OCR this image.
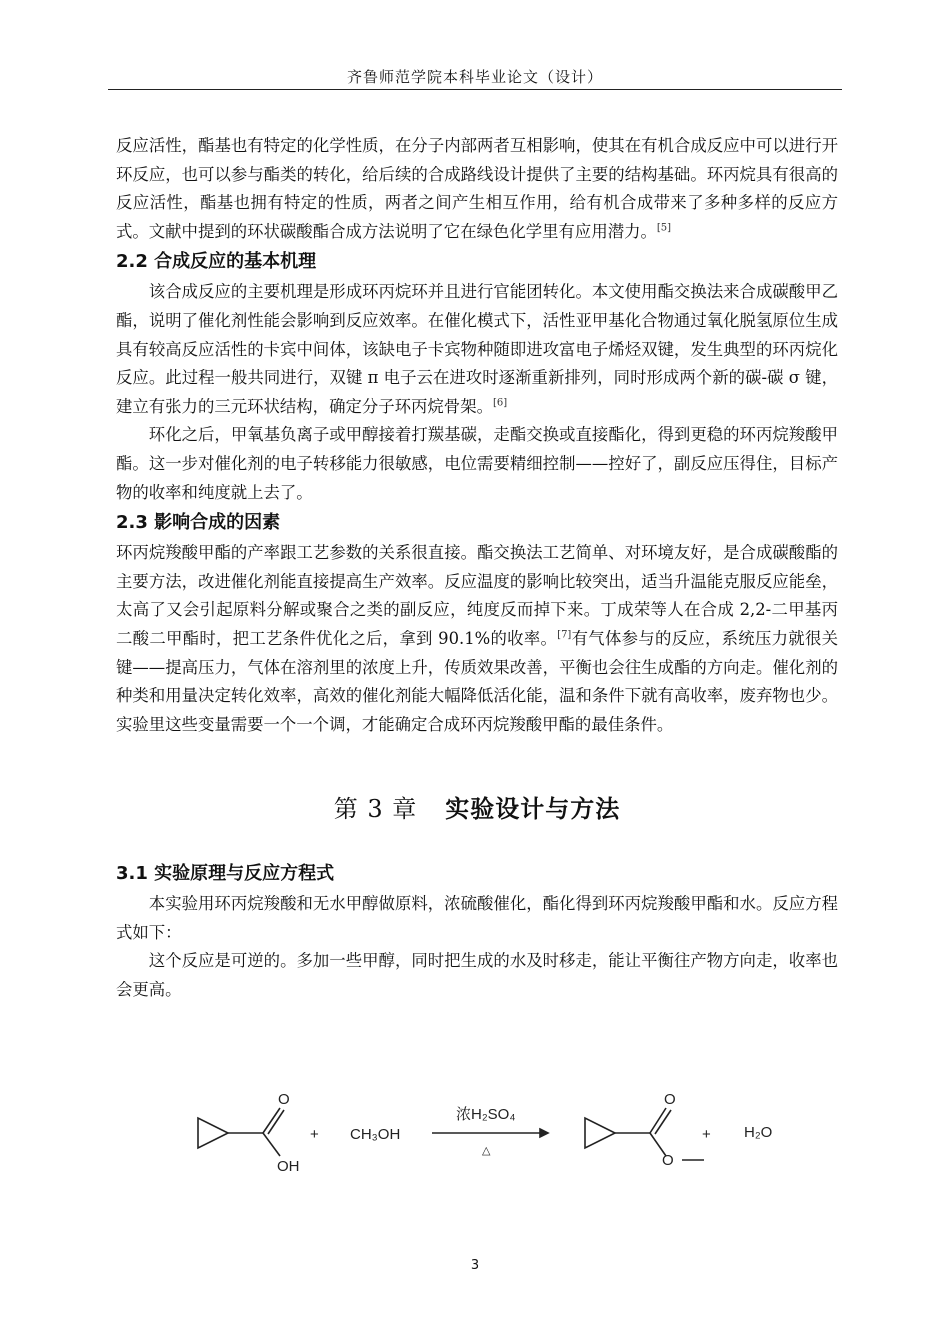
齐鲁师范学院本科毕业论文（设计）

反应活性，酯基也有特定的化学性质，在分子内部两者互相影响，使其在有机合成反应中可以进行开环反应，也可以参与酯类的转化，给后续的合成路线设计提供了主要的结构基础。环丙烷具有很高的反应活性，酯基也拥有特定的性质，两者之间产生相互作用，给有机合成带来了多种多样的反应方式。文献中提到的环状碳酸酯合成方法说明了它在绿色化学里有应用潜力。[5]

2.2 合成反应的基本机理

该合成反应的主要机理是形成环丙烷环并且进行官能团转化。本文使用酯交换法来合成碳酸甲乙酯，说明了催化剂性能会影响到反应效率。在催化模式下，活性亚甲基化合物通过氧化脱氢原位生成具有较高反应活性的卡宾中间体，该缺电子卡宾物种随即进攻富电子烯烃双键，发生典型的环丙烷化反应。此过程一般共同进行，双键 π 电子云在进攻时逐渐重新排列，同时形成两个新的碳-碳 σ 键，建立有张力的三元环状结构，确定分子环丙烷骨架。[6]

环化之后，甲氧基负离子或甲醇接着打羰基碳，走酯交换或直接酯化，得到更稳的环丙烷羧酸甲酯。这一步对催化剂的电子转移能力很敏感，电位需要精细控制——控好了，副反应压得住，目标产物的收率和纯度就上去了。

2.3 影响合成的因素

环丙烷羧酸甲酯的产率跟工艺参数的关系很直接。酯交换法工艺简单、对环境友好，是合成碳酸酯的主要方法，改进催化剂能直接提高生产效率。反应温度的影响比较突出，适当升温能克服反应能垒，太高了又会引起原料分解或聚合之类的副反应，纯度反而掉下来。丁成荣等人在合成 2,2-二甲基丙二酸二甲酯时，把工艺条件优化之后，拿到 90.1%的收率。[7]有气体参与的反应，系统压力就很关键——提高压力，气体在溶剂里的浓度上升，传质效果改善，平衡也会往生成酯的方向走。催化剂的种类和用量决定转化效率，高效的催化剂能大幅降低活化能，温和条件下就有高收率，废弃物也少。实验里这些变量需要一个一个调，才能确定合成环丙烷羧酸甲酯的最佳条件。

第 3 章 实验设计与方法
3.1 实验原理与反应方程式

本实验用环丙烷羧酸和无水甲醇做原料，浓硫酸催化，酯化得到环丙烷羧酸甲酯和水。反应方程式如下：

这个反应是可逆的。多加一些甲醇，同时把生成的水及时移走，能让平衡往产物方向走，收率也会更高。

O
OH
+ CH₃OH
浓H₂SO₄
△
O
O
+ H₂O
3
